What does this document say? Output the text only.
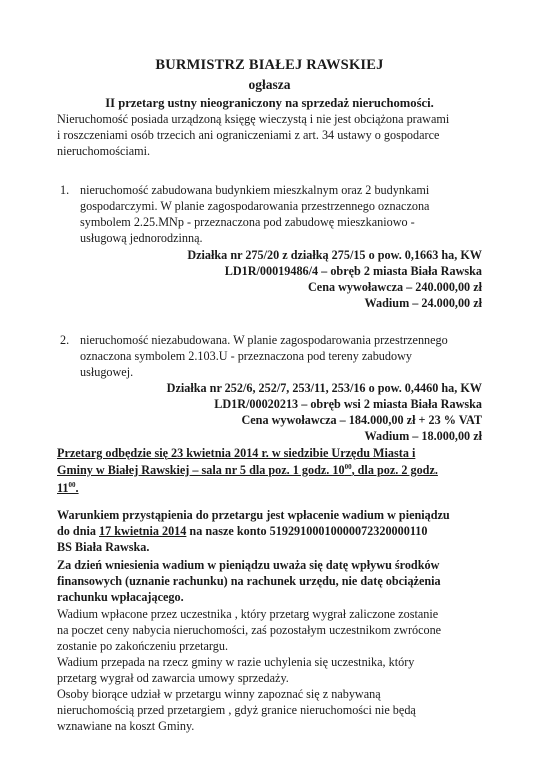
BURMISTRZ BIAŁEJ RAWSKIEJ
ogłasza
II przetarg ustny nieograniczony na sprzedaż nieruchomości.
Nieruchomość posiada urządzoną księgę wieczystą i nie jest obciążona prawami
i roszczeniami osób trzecich ani ograniczeniami z art. 34 ustawy o gospodarce
nieruchomościami.
1. nieruchomość zabudowana budynkiem mieszkalnym oraz 2 budynkami
gospodarczymi. W planie zagospodarowania przestrzennego oznaczona
symbolem 2.25.MNp - przeznaczona pod zabudowę mieszkaniowo -
usługową jednorodzinną.
Działka nr 275/20 z działką 275/15 o pow. 0,1663 ha, KW
LD1R/00019486/4 – obręb 2 miasta Biała Rawska
Cena wywoławcza – 240.000,00 zł
Wadium – 24.000,00 zł
2. nieruchomość niezabudowana. W planie zagospodarowania przestrzennego
oznaczona symbolem 2.103.U - przeznaczona pod tereny zabudowy
usługowej.
Działka nr 252/6, 252/7, 253/11, 253/16 o pow. 0,4460 ha, KW
LD1R/00020213 – obręb wsi 2 miasta Biała Rawska
Cena wywoławcza – 184.000,00 zł + 23 % VAT
Wadium – 18.000,00 zł
Przetarg odbędzie się 23 kwietnia 2014 r. w siedzibie Urzędu Miasta i
Gminy w Białej Rawskiej – sala nr 5 dla poz. 1 godz. $10^{00}$, dla poz. 2 godz.
$11^{00}$.
Warunkiem przystąpienia do przetargu jest wpłacenie wadium w pieniądzu
do dnia 17 kwietnia 2014 na nasze konto 51929100010000072320000110
BS Biała Rawska.
Za dzień wniesienia wadium w pieniądzu uważa się datę wpływu środków
finansowych (uznanie rachunku) na rachunek urzędu, nie datę obciążenia
rachunku wpłacającego.
Wadium wpłacone przez uczestnika , który przetarg wygrał zaliczone zostanie
na poczet ceny nabycia nieruchomości, zaś pozostałym uczestnikom zwrócone
zostanie po zakończeniu przetargu.
Wadium przepada na rzecz gminy w razie uchylenia się uczestnika, który
przetarg wygrał od zawarcia umowy sprzedaży.
Osoby biorące udział w przetargu winny zapoznać się z nabywaną
nieruchomością przed przetargiem , gdyż granice nieruchomości nie będą
wznawiane na koszt Gminy.
